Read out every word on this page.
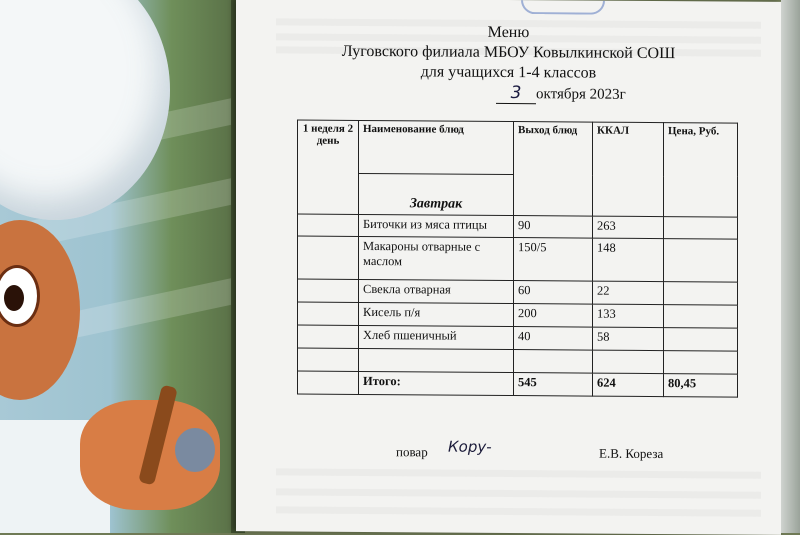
Меню
Луговского филиала МБОУ Ковылкинской СОШ
для учащихся 1-4 классов
3 октября 2023г
1 неделя 2 день	Наименование блюд	Выход блюд	ККАЛ	Цена, Руб.
	Завтрак			
	Биточки из мяса птицы	90	263	
	Макароны отварные с маслом	150/5	148	
	Свекла отварная	60	22	
	Кисель п/я	200	133	
	Хлеб пшеничный	40	58	

	Итого:	545	624	80,45
повар Кору-	Е.В. Кореза
